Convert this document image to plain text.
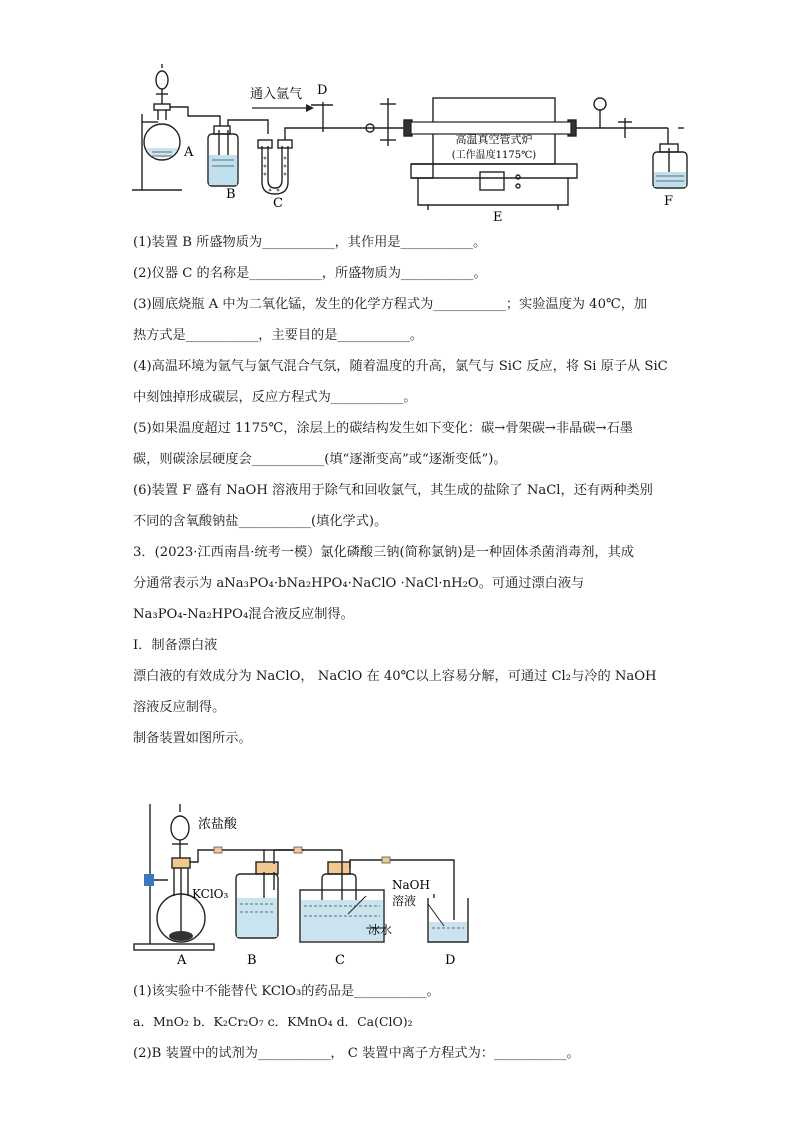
A
B
C
D
E
F
通入氩气
高温真空管式炉
(工作温度1175℃)
(1)装置 B 所盛物质为___________，其作用是___________。
(2)仪器 C 的名称是___________，所盛物质为___________。
(3)圆底烧瓶 A 中为二氧化锰，发生的化学方程式为___________；实验温度为 40℃，加
热方式是___________，主要目的是___________。
(4)高温环境为氩气与氯气混合气氛，随着温度的升高，氯气与 SiC 反应，将 Si 原子从 SiC
中刻蚀掉形成碳层，反应方程式为___________。
(5)如果温度超过 1175℃，涂层上的碳结构发生如下变化：碳→骨架碳→非晶碳→石墨
碳，则碳涂层硬度会___________(填“逐渐变高”或“逐渐变低”)。
(6)装置 F 盛有 NaOH 溶液用于除气和回收氯气，其生成的盐除了 NaCl，还有两种类别
不同的含氧酸钠盐___________(填化学式)。
3．(2023·江西南昌·统考一模）氯化磷酸三钠(简称氯钠)是一种固体杀菌消毒剂，其成
分通常表示为 aNa₃PO₄·bNa₂HPO₄·NaClO ·NaCl·nH₂O。可通过漂白液与
Na₃PO₄-Na₂HPO₄混合液反应制得。
Ⅰ．制备漂白液
漂白液的有效成分为 NaClO， NaClO 在 40℃以上容易分解，可通过 Cl₂与冷的 NaOH
溶液反应制得。
制备装置如图所示。
浓盐酸
KClO₃
NaOH
溶液
冰水
A	B	C	D
(1)该实验中不能替代 KClO₃的药品是___________。
a．MnO₂ b．K₂Cr₂O₇ c．KMnO₄ d．Ca(ClO)₂
(2)B 装置中的试剂为___________， C 装置中离子方程式为：___________。
